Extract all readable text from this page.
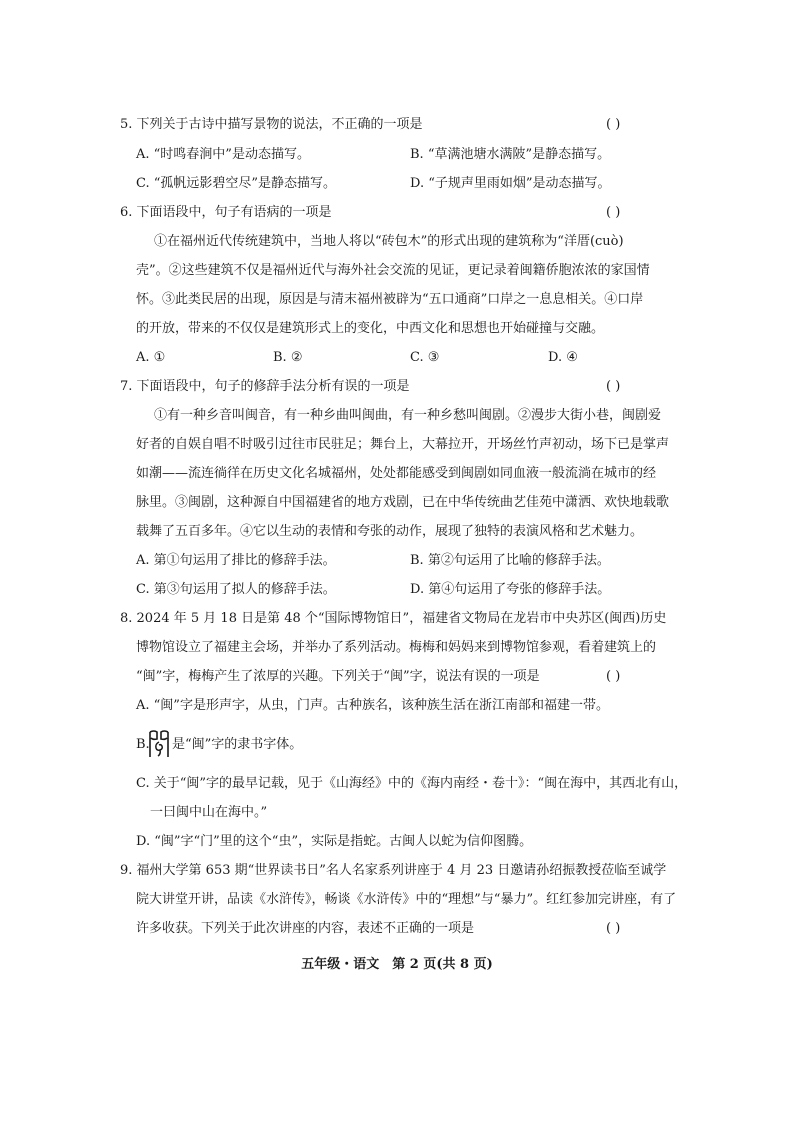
5. 下列关于古诗中描写景物的说法，不正确的一项是	( )
A. “时鸣春涧中”是动态描写。	B. “草满池塘水满陂”是静态描写。
C. “孤帆远影碧空尽”是静态描写。	D. “子规声里雨如烟”是动态描写。
6. 下面语段中，句子有语病的一项是	( )
①在福州近代传统建筑中，当地人将以“砖包木”的形式出现的建筑称为“洋厝(cuò)
壳”。②这些建筑不仅是福州近代与海外社会交流的见证，更记录着闽籍侨胞浓浓的家国情
怀。③此类民居的出现，原因是与清末福州被辟为“五口通商”口岸之一息息相关。④口岸
的开放，带来的不仅仅是建筑形式上的变化，中西文化和思想也开始碰撞与交融。
A. ①	B. ②	C. ③	D. ④
7. 下面语段中，句子的修辞手法分析有误的一项是	( )
①有一种乡音叫闽音，有一种乡曲叫闽曲，有一种乡愁叫闽剧。②漫步大街小巷，闽剧爱
好者的自娱自唱不时吸引过往市民驻足；舞台上，大幕拉开，开场丝竹声初动，场下已是掌声
如潮——流连徜徉在历史文化名城福州，处处都能感受到闽剧如同血液一般流淌在城市的经
脉里。③闽剧，这种源自中国福建省的地方戏剧，已在中华传统曲艺佳苑中潇洒、欢快地载歌
载舞了五百多年。④它以生动的表情和夸张的动作，展现了独特的表演风格和艺术魅力。
A. 第①句运用了排比的修辞手法。	B. 第②句运用了比喻的修辞手法。
C. 第③句运用了拟人的修辞手法。	D. 第④句运用了夸张的修辞手法。
8. 2024 年 5 月 18 日是第 48 个“国际博物馆日”，福建省文物局在龙岩市中央苏区(闽西)历史
博物馆设立了福建主会场，并举办了系列活动。梅梅和妈妈来到博物馆参观，看着建筑上的
“闽”字，梅梅产生了浓厚的兴趣。下列关于“闽”字，说法有误的一项是	( )
A. “闽”字是形声字，从虫，门声。古种族名，该种族生活在浙江南部和福建一带。
B. 是“闽”字的隶书字体。
C. 关于“闽”字的最早记载，见于《山海经》中的《海内南经・卷十》：“闽在海中，其西北有山，
一曰闽中山在海中。”
D. “闽”字“门”里的这个“虫”，实际是指蛇。古闽人以蛇为信仰图腾。
9. 福州大学第 653 期“世界读书日”名人名家系列讲座于 4 月 23 日邀请孙绍振教授莅临至诚学
院大讲堂开讲，品读《水浒传》，畅谈《水浒传》中的“理想”与“暴力”。红红参加完讲座，有了
许多收获。下列关于此次讲座的内容，表述不正确的一项是	( )
五年级・语文　第 2 页(共 8 页)
